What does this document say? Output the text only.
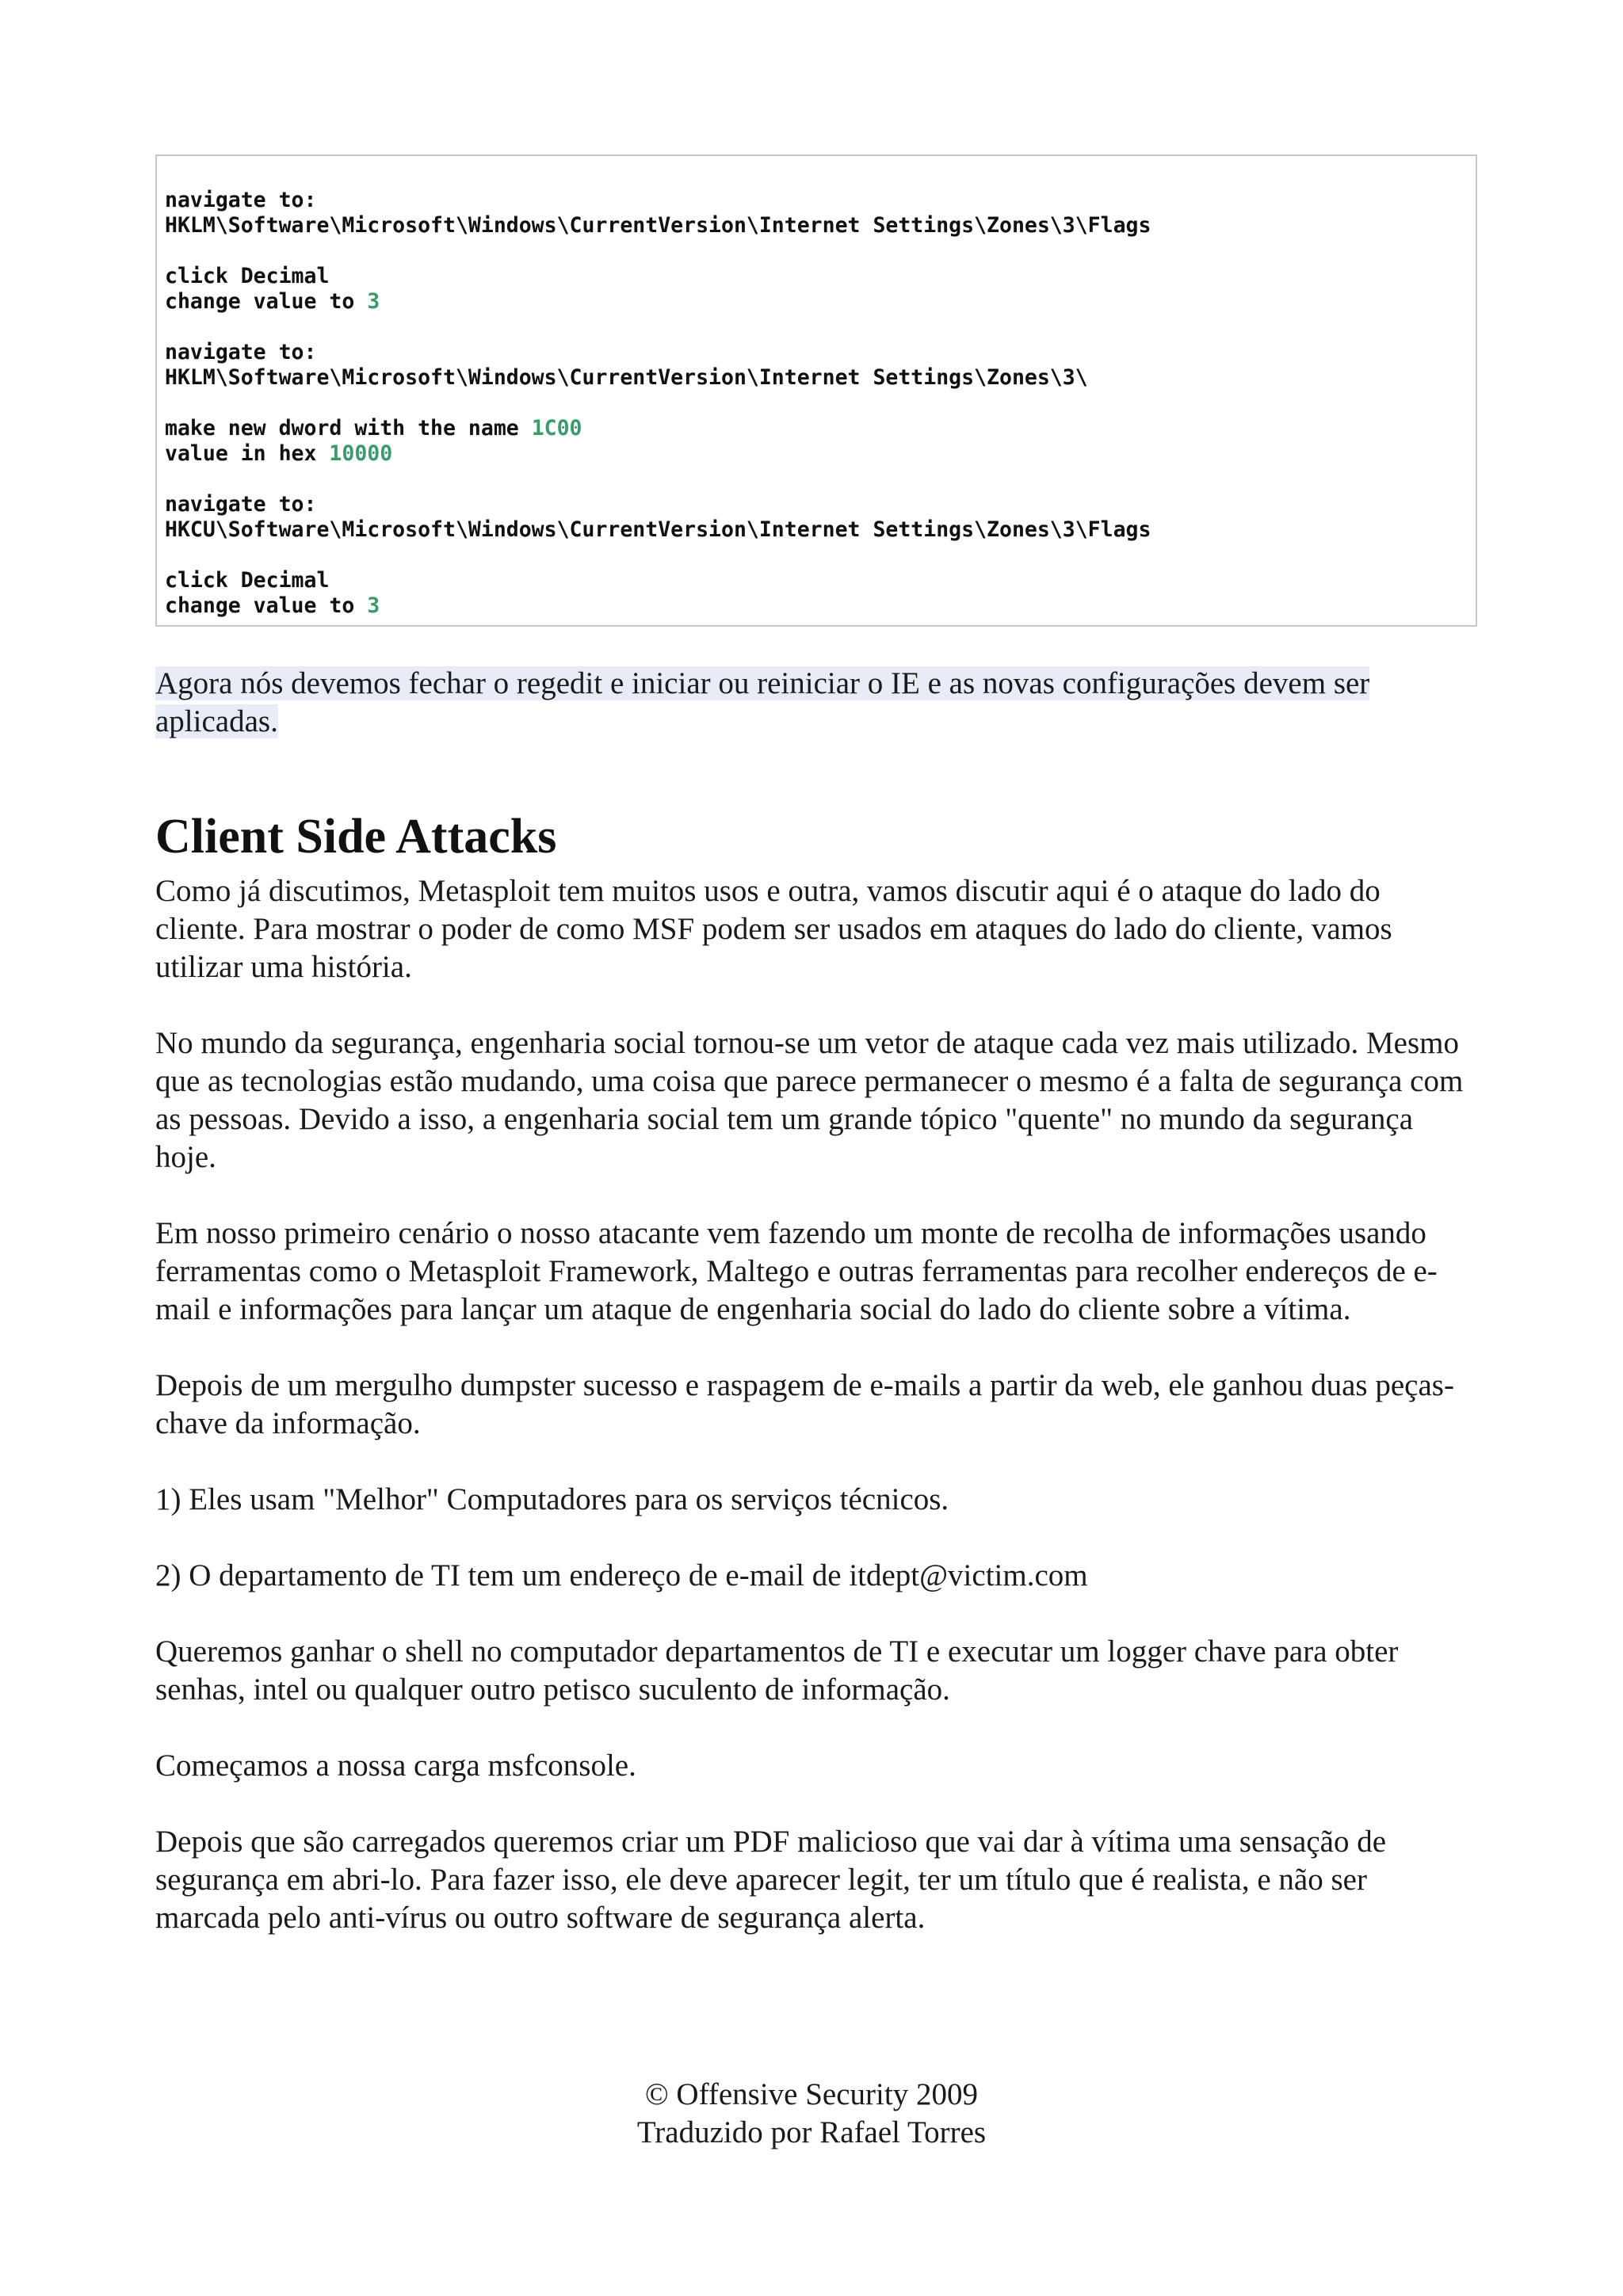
navigate to:
HKLM\Software\Microsoft\Windows\CurrentVersion\Internet Settings\Zones\3\Flags
click Decimal
change value to 3
navigate to:
HKLM\Software\Microsoft\Windows\CurrentVersion\Internet Settings\Zones\3\
make new dword with the name 1C00
value in hex 10000
navigate to:
HKCU\Software\Microsoft\Windows\CurrentVersion\Internet Settings\Zones\3\Flags
click Decimal
change value to 3

Agora nós devemos fechar o regedit e iniciar ou reiniciar o IE e as novas configurações devem ser aplicadas.

Client Side Attacks

Como já discutimos, Metasploit tem muitos usos e outra, vamos discutir aqui é o ataque do lado do cliente. Para mostrar o poder de como MSF podem ser usados em ataques do lado do cliente, vamos utilizar uma história.

No mundo da segurança, engenharia social tornou-se um vetor de ataque cada vez mais utilizado. Mesmo que as tecnologias estão mudando, uma coisa que parece permanecer o mesmo é a falta de segurança com as pessoas. Devido a isso, a engenharia social tem um grande tópico "quente" no mundo da segurança hoje.

Em nosso primeiro cenário o nosso atacante vem fazendo um monte de recolha de informações usando ferramentas como o Metasploit Framework, Maltego e outras ferramentas para recolher endereços de e-mail e informações para lançar um ataque de engenharia social do lado do cliente sobre a vítima.

Depois de um mergulho dumpster sucesso e raspagem de e-mails a partir da web, ele ganhou duas peças-chave da informação.

1) Eles usam "Melhor" Computadores para os serviços técnicos.

2) O departamento de TI tem um endereço de e-mail de itdept@victim.com

Queremos ganhar o shell no computador departamentos de TI e executar um logger chave para obter senhas, intel ou qualquer outro petisco suculento de informação.

Começamos a nossa carga msfconsole.

Depois que são carregados queremos criar um PDF malicioso que vai dar à vítima uma sensação de segurança em abri-lo. Para fazer isso, ele deve aparecer legit, ter um título que é realista, e não ser marcada pelo anti-vírus ou outro software de segurança alerta.

© Offensive Security 2009
Traduzido por Rafael Torres
